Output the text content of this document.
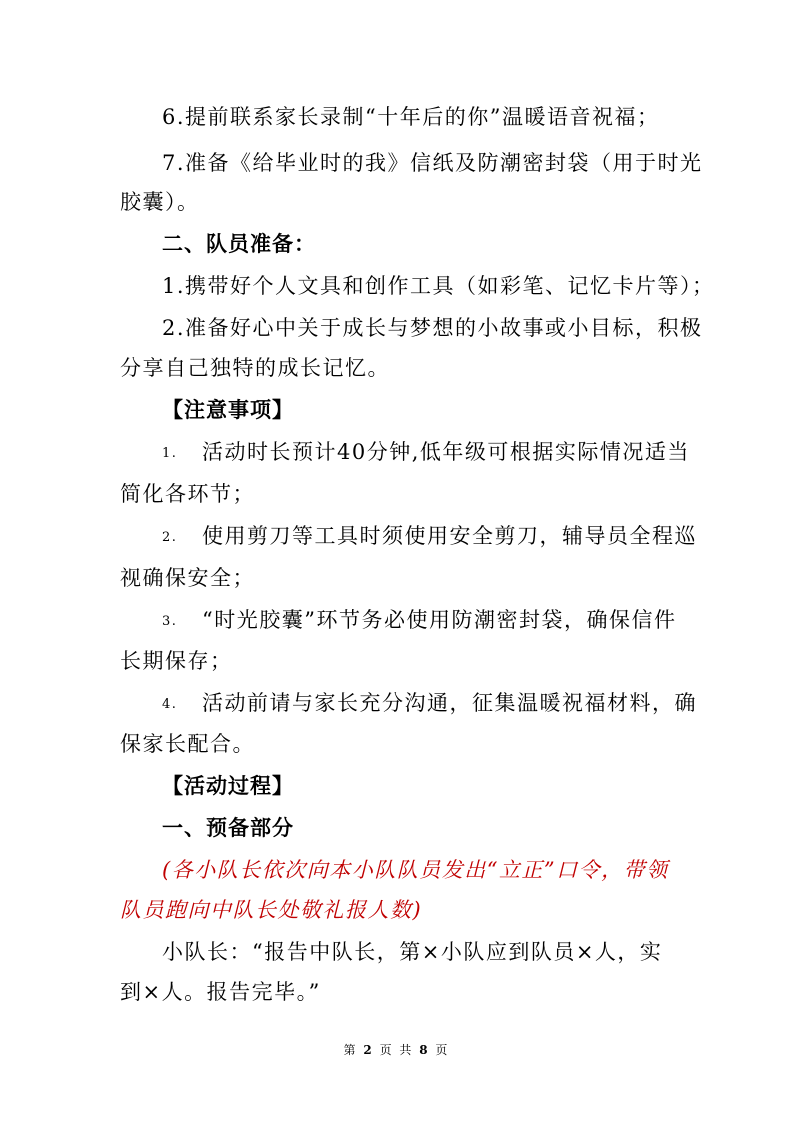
6.提前联系家长录制“十年后的你”温暖语音祝福；
7.准备《给毕业时的我》信纸及防潮密封袋（用于时光
胶囊）。
二、队员准备：
1.携带好个人文具和创作工具（如彩笔、记忆卡片等）；
2.准备好心中关于成长与梦想的小故事或小目标，积极
分享自己独特的成长记忆。
【注意事项】
1. 活动时长预计40分钟,低年级可根据实际情况适当
简化各环节；
2. 使用剪刀等工具时须使用安全剪刀，辅导员全程巡
视确保安全；
3. “时光胶囊”环节务必使用防潮密封袋，确保信件
长期保存；
4. 活动前请与家长充分沟通，征集温暖祝福材料，确
保家长配合。
【活动过程】
一、预备部分
(各小队长依次向本小队队员发出“立正”口令，带领
队员跑向中队长处敬礼报人数)
小队长：“报告中队长，第×小队应到队员×人，实
到×人。报告完毕。”
第 2 页 共 8 页
